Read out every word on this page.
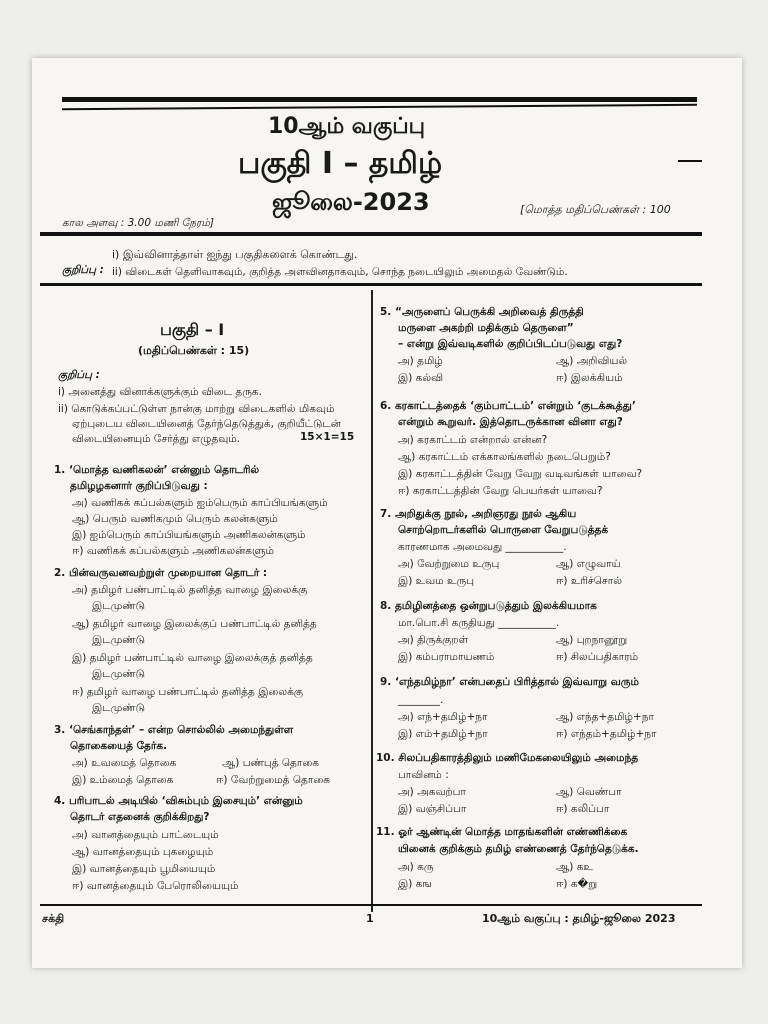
10ஆம் வகுப்பு
பகுதி I – தமிழ்
ஜூலை-2023
கால அளவு : 3.00 மணி நேரம்]
[மொத்த மதிப்பெண்கள் : 100
குறிப்பு :
i) இவ்வினாத்தாள் ஐந்து பகுதிகளைக் கொண்டது.
ii) விடைகள் தெளிவாகவும், குறித்த அளவினதாகவும், சொந்த நடையிலும் அமைதல் வேண்டும்.
பகுதி – I
(மதிப்பெண்கள் : 15)
குறிப்பு :
i) அனைத்து வினாக்களுக்கும் விடை தருக.
ii) கொடுக்கப்பட்டுள்ள நான்கு மாற்று விடைகளில் மிகவும்
ஏற்புடைய விடையினைத் தேர்ந்தெடுத்துக், குறியீட்டுடன்
விடையினையும் சேர்த்து எழுதவும்.	15×1=15
1. ‘மொத்த வணிகலன்’ என்னும் தொடரில்
தமிழழகனார் குறிப்பிடுவது :
அ) வணிகக் கப்பல்களும் ஐம்பெரும் காப்பியங்களும்
ஆ) பெரும் வணிகமும் பெரும் கலன்களும்
இ) ஐம்பெரும் காப்பியங்களும் அணிகலன்களும்
ஈ) வணிகக் கப்பல்களும் அணிகலன்களும்
2. பின்வருவனவற்றுள் முறையான தொடர் :
அ) தமிழர் பண்பாட்டில் தனித்த வாழை இலைக்கு
இடமுண்டு
ஆ) தமிழர் வாழை இலைக்குப் பண்பாட்டில் தனித்த
இடமுண்டு
இ) தமிழர் பண்பாட்டில் வாழை இலைக்குத் தனித்த
இடமுண்டு
ஈ) தமிழர் வாழை பண்பாட்டில் தனித்த இலைக்கு
இடமுண்டு
3. ‘செங்காந்தள்’ – என்ற சொல்லில் அமைந்துள்ள
தொகையைத் தேர்க.
அ) உவமைத் தொகை	ஆ) பண்புத் தொகை
இ) உம்மைத் தொகை	ஈ) வேற்றுமைத் தொகை
4. பரிபாடல் அடியில் ‘விசும்பும் இசையும்’ என்னும்
தொடர் எதனைக் குறிக்கிறது?
அ) வானத்தையும் பாட்டையும்
ஆ) வானத்தையும் புகழையும்
இ) வானத்தையும் பூமியையும்
ஈ) வானத்தையும் பேரொலியையும்
5. “அருளைப் பெருக்கி அறிவைத் திருத்தி
மருளை அகற்றி மதிக்கும் தெருளை”
– என்று இவ்வடிகளில் குறிப்பிடப்படுவது எது?
அ) தமிழ்	ஆ) அறிவியல்
இ) கல்வி	ஈ) இலக்கியம்
6. கரகாட்டத்தைக் ‘கும்பாட்டம்’ என்றும் ‘குடக்கூத்து’
என்றும் கூறுவர். இத்தொடருக்கான வினா எது?
அ) கரகாட்டம் என்றால் என்ன?
ஆ) கரகாட்டம் எக்காலங்களில் நடைபெறும்?
இ) கரகாட்டத்தின் வேறு வேறு வடிவங்கள் யாவை?
ஈ) கரகாட்டத்தின் வேறு பெயர்கள் யாவை?
7. அறிதுக்கு நூல், அறிஞரது நூல் ஆகிய
சொற்றொடர்களில் பொருளை வேறுபடுத்தக்
காரணமாக அமைவது ___________.
அ) வேற்றுமை உருபு	ஆ) எழுவாய்
இ) உவம உருபு	ஈ) உரிச்சொல்
8. தமிழினத்தை ஒன்றுபடுத்தும் இலக்கியமாக
மா.பொ.சி கருதியது ___________.
அ) திருக்குறள்	ஆ) புறநானூறு
இ) கம்பராமாயணம்	ஈ) சிலப்பதிகாரம்
9. ‘எந்தமிழ்நா’ என்பதைப் பிரித்தால் இவ்வாறு வரும்
________.
அ) எந்+தமிழ்+நா	ஆ) எந்த+தமிழ்+நா
இ) எம்+தமிழ்+நா	ஈ) எந்தம்+தமிழ்+நா
10. சிலப்பதிகாரத்திலும் மணிமேகலையிலும் அமைந்த
பாவினம் :
அ) அகவற்பா	ஆ) வெண்பா
இ) வஞ்சிப்பா	ஈ) கலிப்பா
11. ஓர் ஆண்டின் மொத்த மாதங்களின் எண்ணிக்கை
யினைக் குறிக்கும் தமிழ் எண்ணைத் தேர்ந்தெடுக்க.
அ) கரு	ஆ) கஉ
இ) கங	ஈ) க�று
சக்தி	1	10ஆம் வகுப்பு : தமிழ்-ஜூலை 2023
